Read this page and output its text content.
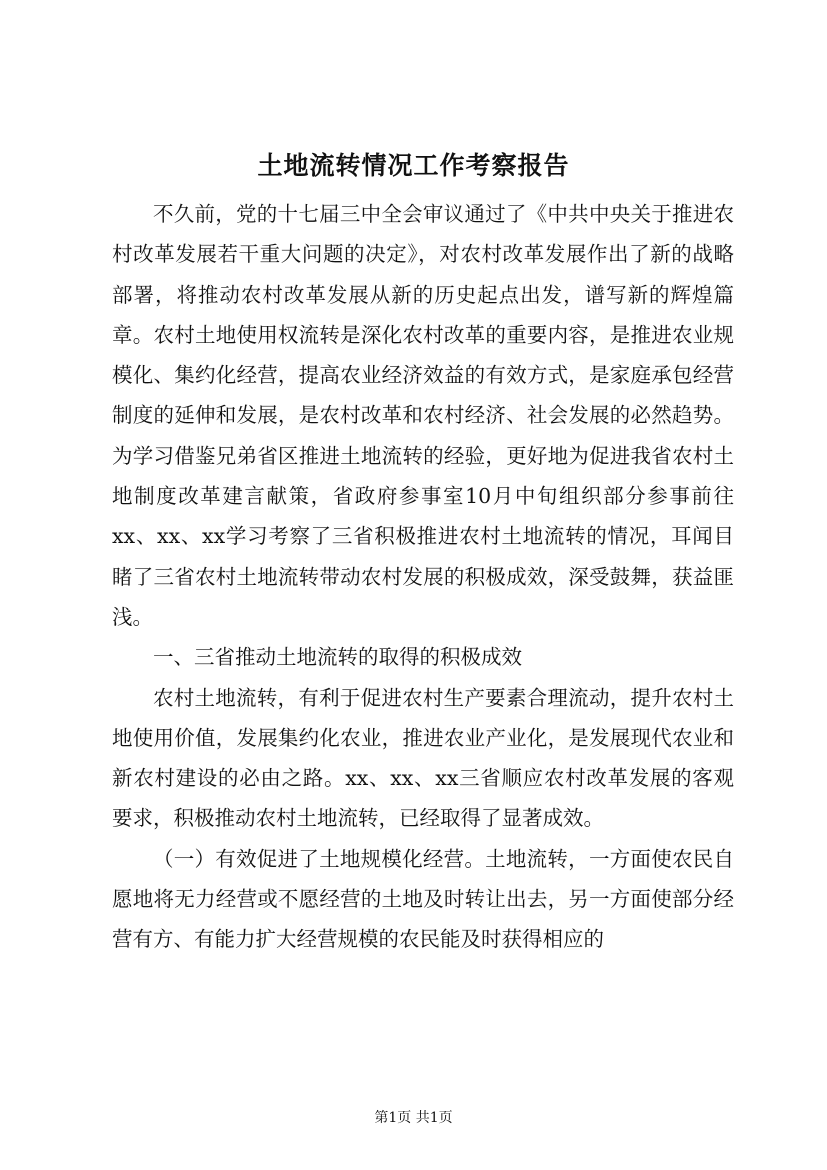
土地流转情况工作考察报告

不久前，党的十七届三中全会审议通过了《中共中央关于推进农村改革发展若干重大问题的决定》，对农村改革发展作出了新的战略部署，将推动农村改革发展从新的历史起点出发，谱写新的辉煌篇章。农村土地使用权流转是深化农村改革的重要内容，是推进农业规模化、集约化经营，提高农业经济效益的有效方式，是家庭承包经营制度的延伸和发展，是农村改革和农村经济、社会发展的必然趋势。为学习借鉴兄弟省区推进土地流转的经验，更好地为促进我省农村土地制度改革建言献策，省政府参事室10月中旬组织部分参事前往xx、xx、xx学习考察了三省积极推进农村土地流转的情况，耳闻目睹了三省农村土地流转带动农村发展的积极成效，深受鼓舞，获益匪浅。

一、三省推动土地流转的取得的积极成效

农村土地流转，有利于促进农村生产要素合理流动，提升农村土地使用价值，发展集约化农业，推进农业产业化，是发展现代农业和新农村建设的必由之路。xx、xx、xx三省顺应农村改革发展的客观要求，积极推动农村土地流转，已经取得了显著成效。

（一）有效促进了土地规模化经营。土地流转，一方面使农民自愿地将无力经营或不愿经营的土地及时转让出去，另一方面使部分经营有方、有能力扩大经营规模的农民能及时获得相应的

第1页 共1页
